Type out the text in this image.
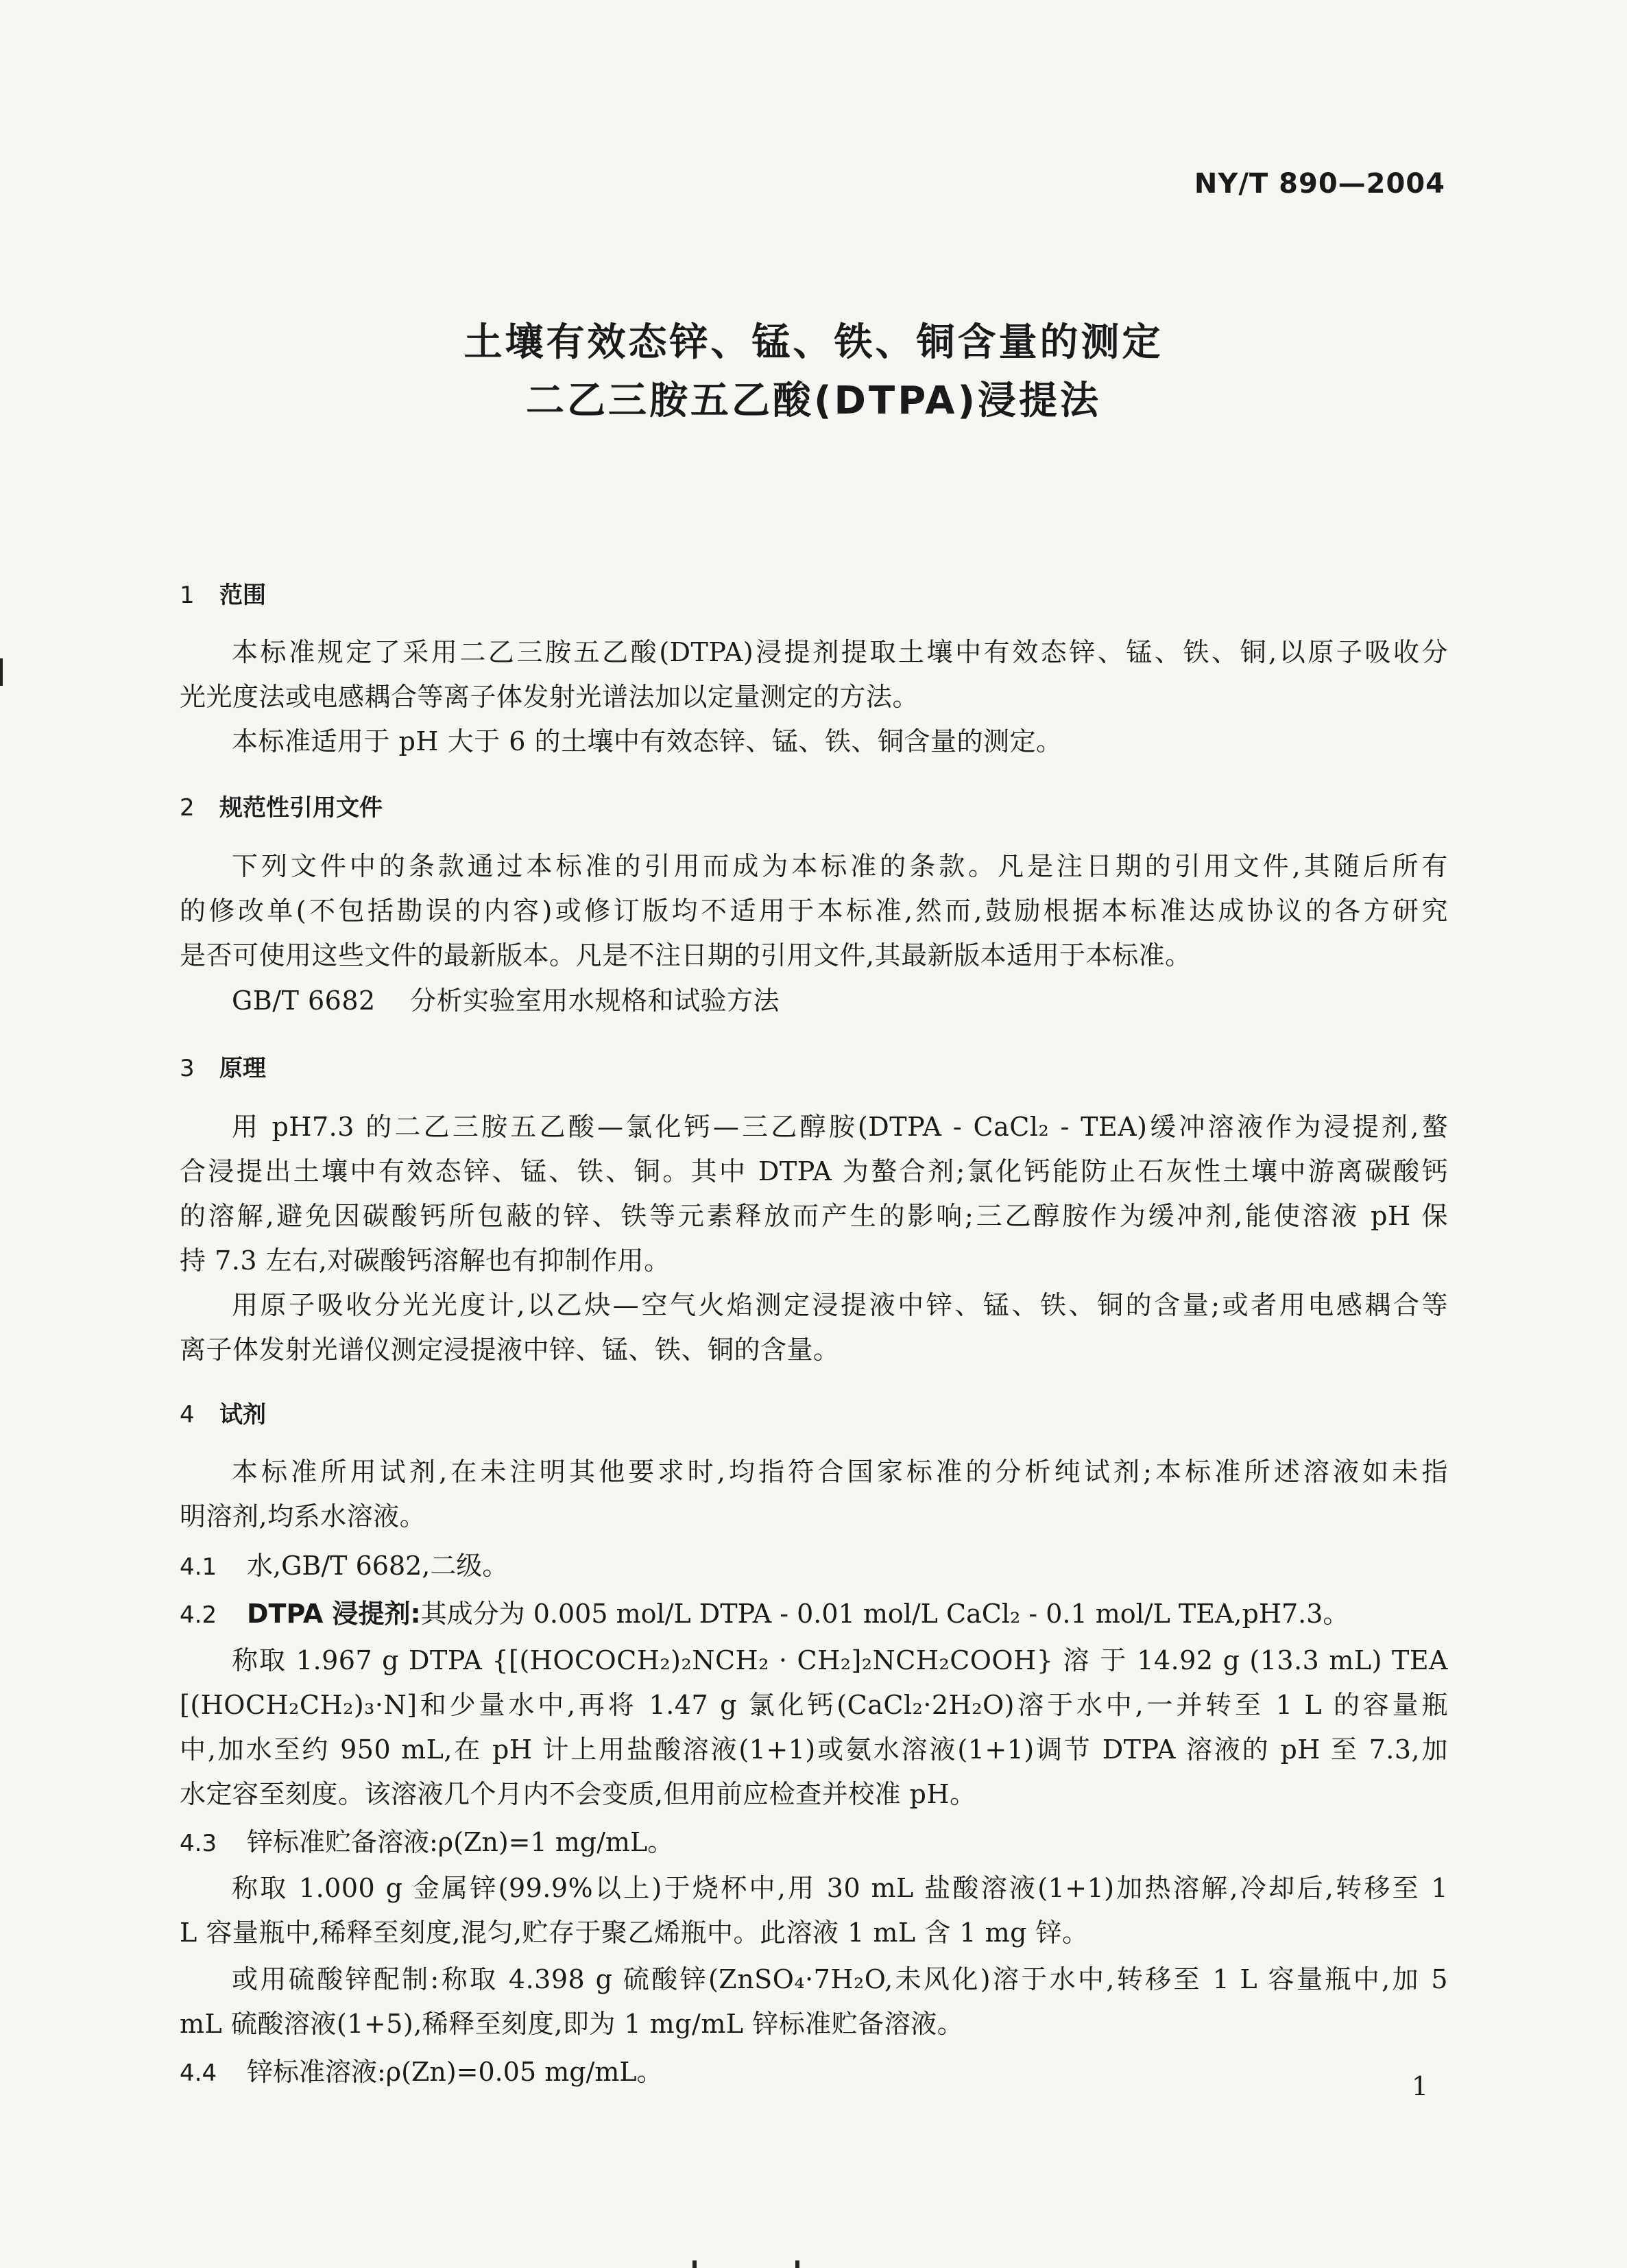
NY/T 890—2004
土壤有效态锌、锰、铁、铜含量的测定
二乙三胺五乙酸(DTPA)浸提法
1 范围
本标准规定了采用二乙三胺五乙酸(DTPA)浸提剂提取土壤中有效态锌、锰、铁、铜,以原子吸收分
光光度法或电感耦合等离子体发射光谱法加以定量测定的方法。
本标准适用于 pH 大于 6 的土壤中有效态锌、锰、铁、铜含量的测定。
2 规范性引用文件
下列文件中的条款通过本标准的引用而成为本标准的条款。凡是注日期的引用文件,其随后所有
的修改单(不包括勘误的内容)或修订版均不适用于本标准,然而,鼓励根据本标准达成协议的各方研究
是否可使用这些文件的最新版本。凡是不注日期的引用文件,其最新版本适用于本标准。
GB/T 6682    分析实验室用水规格和试验方法
3 原理
用 pH7.3 的二乙三胺五乙酸—氯化钙—三乙醇胺(DTPA - CaCl₂ - TEA)缓冲溶液作为浸提剂,螯
合浸提出土壤中有效态锌、锰、铁、铜。其中 DTPA 为螯合剂;氯化钙能防止石灰性土壤中游离碳酸钙
的溶解,避免因碳酸钙所包蔽的锌、铁等元素释放而产生的影响;三乙醇胺作为缓冲剂,能使溶液 pH 保
持 7.3 左右,对碳酸钙溶解也有抑制作用。
用原子吸收分光光度计,以乙炔—空气火焰测定浸提液中锌、锰、铁、铜的含量;或者用电感耦合等
离子体发射光谱仪测定浸提液中锌、锰、铁、铜的含量。
4 试剂
本标准所用试剂,在未注明其他要求时,均指符合国家标准的分析纯试剂;本标准所述溶液如未指
明溶剂,均系水溶液。
4.1 水,GB/T 6682,二级。
4.2 DTPA 浸提剂:其成分为 0.005 mol/L DTPA - 0.01 mol/L CaCl₂ - 0.1 mol/L TEA,pH7.3。
称取 1.967 g DTPA {[(HOCOCH₂)₂NCH₂ · CH₂]₂NCH₂COOH} 溶 于 14.92 g (13.3 mL) TEA
[(HOCH₂CH₂)₃·N]和少量水中,再将 1.47 g 氯化钙(CaCl₂·2H₂O)溶于水中,一并转至 1 L 的容量瓶
中,加水至约 950 mL,在 pH 计上用盐酸溶液(1+1)或氨水溶液(1+1)调节 DTPA 溶液的 pH 至 7.3,加
水定容至刻度。该溶液几个月内不会变质,但用前应检查并校准 pH。
4.3 锌标准贮备溶液:ρ(Zn)=1 mg/mL。
称取 1.000 g 金属锌(99.9%以上)于烧杯中,用 30 mL 盐酸溶液(1+1)加热溶解,冷却后,转移至 1
L 容量瓶中,稀释至刻度,混匀,贮存于聚乙烯瓶中。此溶液 1 mL 含 1 mg 锌。
或用硫酸锌配制:称取 4.398 g 硫酸锌(ZnSO₄·7H₂O,未风化)溶于水中,转移至 1 L 容量瓶中,加 5
mL 硫酸溶液(1+5),稀释至刻度,即为 1 mg/mL 锌标准贮备溶液。
4.4 锌标准溶液:ρ(Zn)=0.05 mg/mL。	1
